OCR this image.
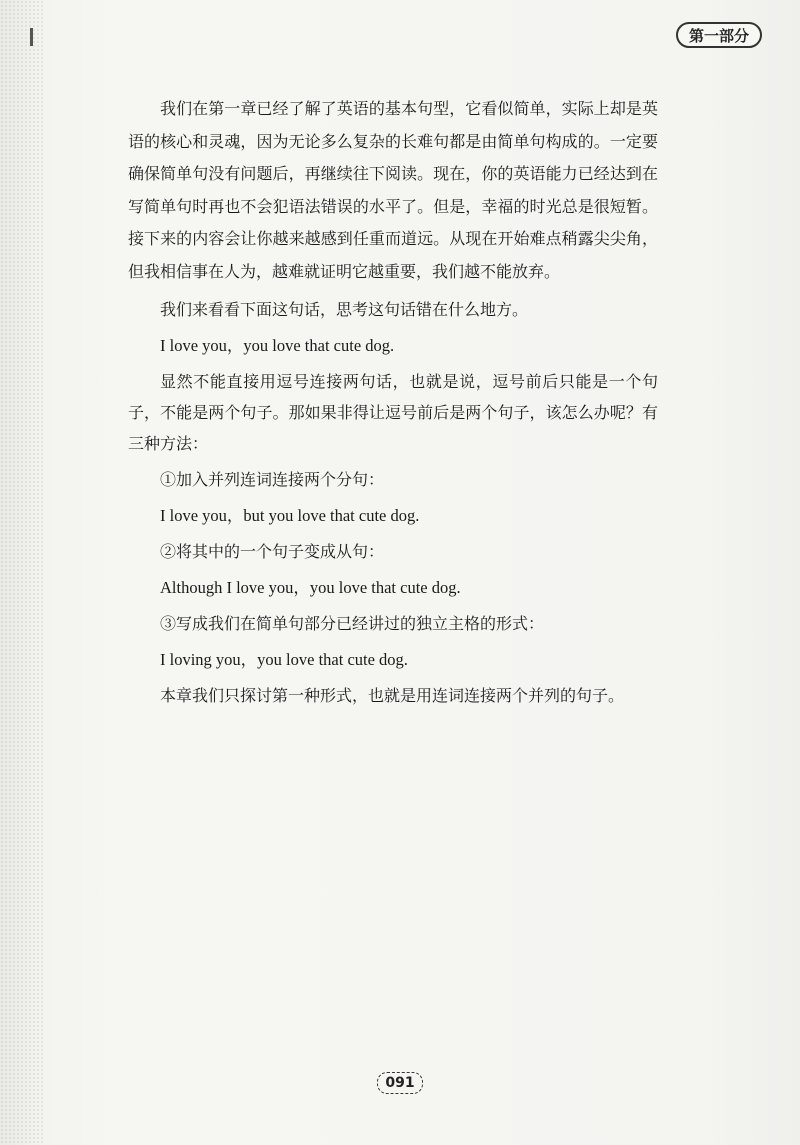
第一部分

我们在第一章已经了解了英语的基本句型，它看似简单，实际上却是英语的核心和灵魂，因为无论多么复杂的长难句都是由简单句构成的。一定要确保简单句没有问题后，再继续往下阅读。现在，你的英语能力已经达到在写简单句时再也不会犯语法错误的水平了。但是，幸福的时光总是很短暂。接下来的内容会让你越来越感到任重而道远。从现在开始难点稍露尖尖角，但我相信事在人为，越难就证明它越重要，我们越不能放弃。

我们来看看下面这句话，思考这句话错在什么地方。
I love you，you love that cute dog.

显然不能直接用逗号连接两句话，也就是说，逗号前后只能是一个句子，不能是两个句子。那如果非得让逗号前后是两个句子，该怎么办呢？有三种方法：

①加入并列连词连接两个分句：
I love you，but you love that cute dog.
②将其中的一个句子变成从句：
Although I love you，you love that cute dog.
③写成我们在简单句部分已经讲过的独立主格的形式：
I loving you，you love that cute dog.
本章我们只探讨第一种形式，也就是用连词连接两个并列的句子。
091
